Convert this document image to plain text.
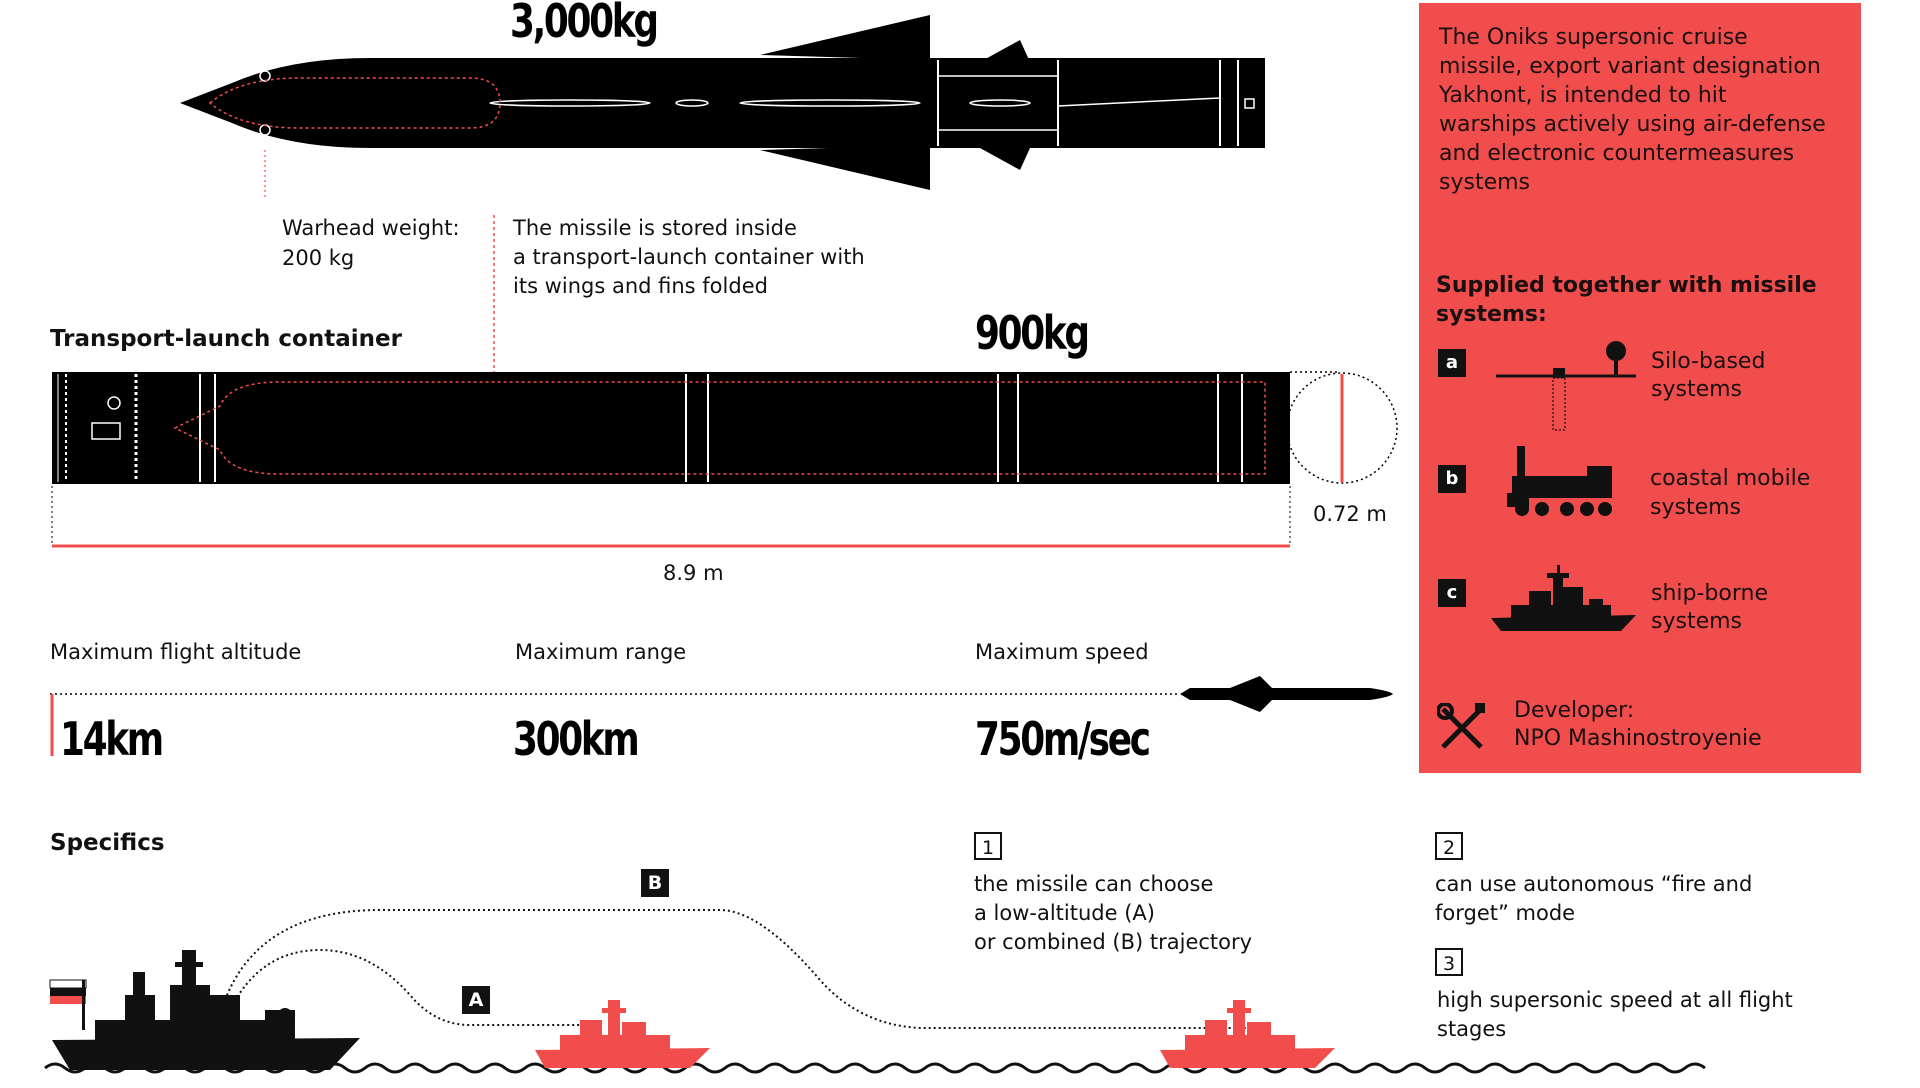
3,000kg
Warhead weight:
200 kg
The missile is stored inside
a transport-launch container with
its wings and fins folded
Transport-launch container	900kg
8.9 m
0.72 m
Maximum flight altitude	Maximum range	Maximum speed
14km	300km	750m/sec
The Oniks supersonic cruise
missile, export variant designation
Yakhont, is intended to hit
warships actively using air-defense
and electronic countermeasures
systems
Supplied together with missile
systems:
a	Silo-based
systems
b	coastal mobile
systems
c	ship-borne
systems
Developer:
NPO Mashinostroyenie
Specifics	1
the missile can choose
a low-altitude (A)
or combined (B) trajectory
2
can use autonomous “fire and
forget” mode
3
high supersonic speed at all flight
stages
B
A
